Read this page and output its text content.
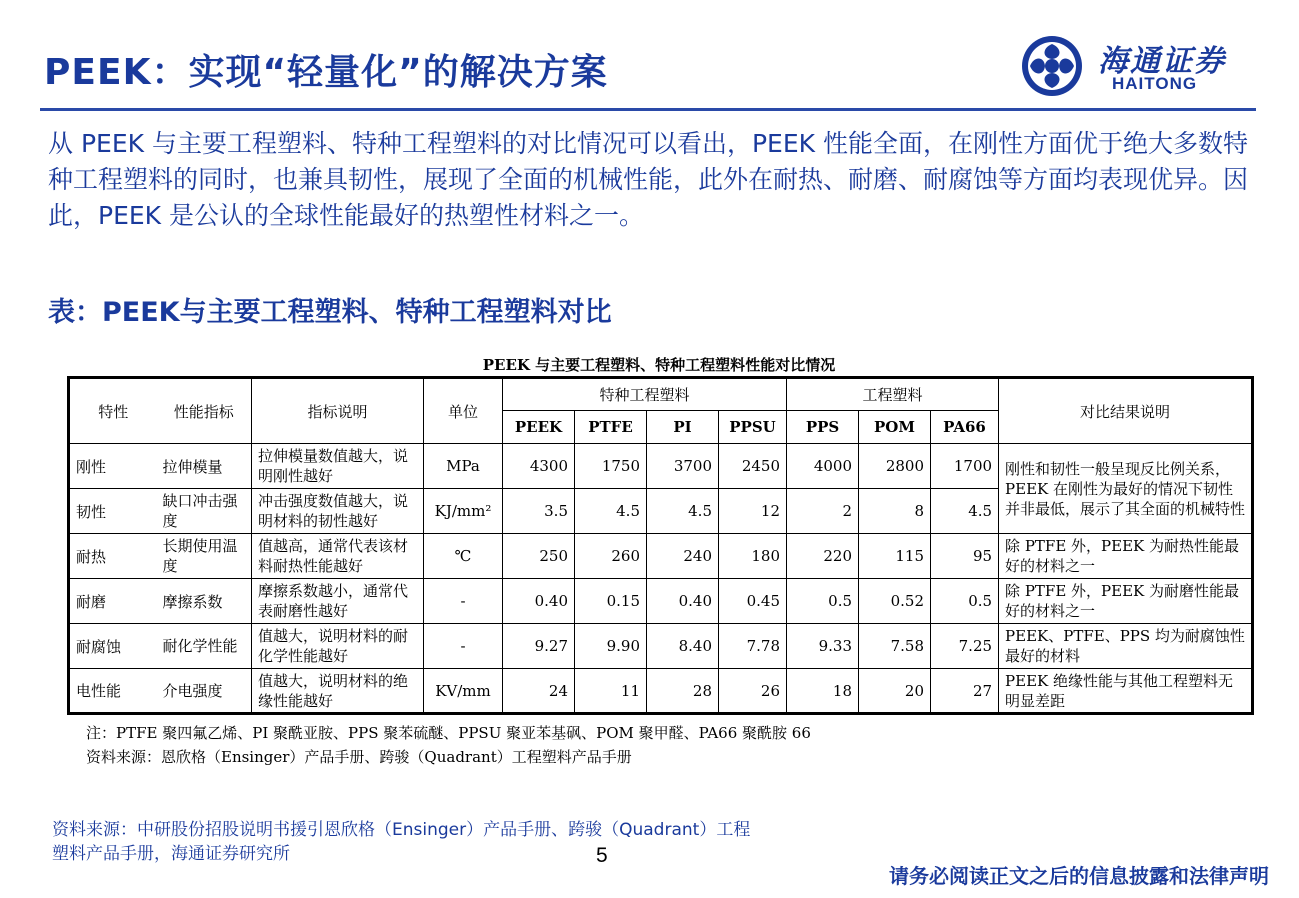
PEEK：实现“轻量化”的解决方案	海通证券
HAITONG
从 PEEK 与主要工程塑料、特种工程塑料的对比情况可以看出，PEEK 性能全面，在刚性方面优于绝大多数特种工程塑料的同时，也兼具韧性，展现了全面的机械性能，此外在耐热、耐磨、耐腐蚀等方面均表现优异。因此，PEEK 是公认的全球性能最好的热塑性材料之一。
表：PEEK与主要工程塑料、特种工程塑料对比
PEEK 与主要工程塑料、特种工程塑料性能对比情况
特性	性能指标	指标说明	单位	特种工程塑料				工程塑料			对比结果说明
				PEEK	PTFE	PI	PPSU	PPS	POM	PA66	
刚性	拉伸模量	拉伸模量数值越大，说明刚性越好	MPa	4300	1750	3700	2450	4000	2800	1700	刚性和韧性一般呈现反比例关系，PEEK 在刚性为最好的情况下韧性并非最低，展示了其全面的机械特性
韧性	缺口冲击强度	冲击强度数值越大，说明材料的韧性越好	KJ/mm²	3.5	4.5	4.5	12	2	8	4.5	
耐热	长期使用温度	值越高，通常代表该材料耐热性能越好	℃	250	260	240	180	220	115	95	除 PTFE 外，PEEK 为耐热性能最好的材料之一
耐磨	摩擦系数	摩擦系数越小，通常代表耐磨性越好	-	0.40	0.15	0.40	0.45	0.5	0.52	0.5	除 PTFE 外，PEEK 为耐磨性能最好的材料之一
耐腐蚀	耐化学性能	值越大，说明材料的耐化学性能越好	-	9.27	9.90	8.40	7.78	9.33	7.58	7.25	PEEK、PTFE、PPS 均为耐腐蚀性最好的材料
电性能	介电强度	值越大，说明材料的绝缘性能越好	KV/mm	24	11	28	26	18	20	27	PEEK 绝缘性能与其他工程塑料无明显差距
注：PTFE 聚四氟乙烯、PI 聚酰亚胺、PPS 聚苯硫醚、PPSU 聚亚苯基砜、POM 聚甲醛、PA66 聚酰胺 66
资料来源：恩欣格（Ensinger）产品手册、跨骏（Quadrant）工程塑料产品手册
资料来源：中研股份招股说明书援引恩欣格（Ensinger）产品手册、跨骏（Quadrant）工程
塑料产品手册，海通证券研究所	5
请务必阅读正文之后的信息披露和法律声明
